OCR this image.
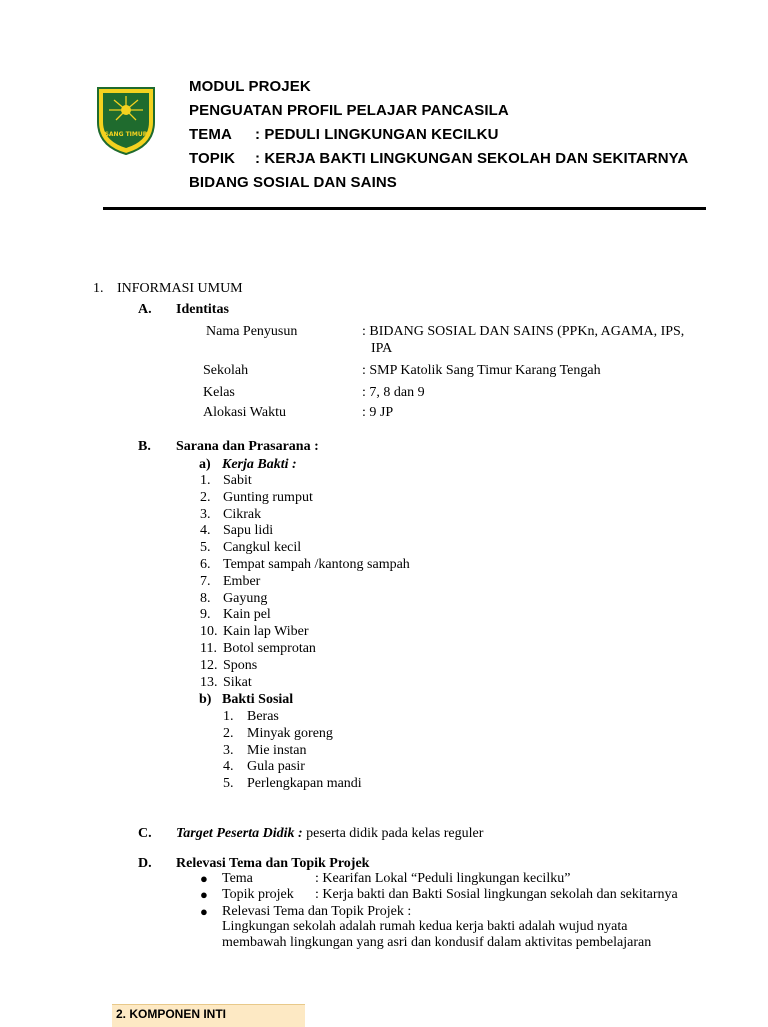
SANG TIMUR
MODUL PROJEK
PENGUATAN PROFIL PELAJAR PANCASILA
TEMA : PEDULI LINGKUNGAN KECILKU
TOPIK : KERJA BAKTI LINGKUNGAN SEKOLAH DAN SEKITARNYA
BIDANG SOSIAL DAN SAINS
1. INFORMASI UMUM
A. Identitas
Nama Penyusun	: BIDANG SOSIAL DAN SAINS (PPKn, AGAMA, IPS,
IPA
Sekolah	: SMP Katolik Sang Timur Karang Tengah
Kelas	: 7, 8 dan 9
Alokasi Waktu	: 9 JP
B. Sarana dan Prasarana :
a) Kerja Bakti :
1. Sabit
2. Gunting rumput
3. Cikrak
4. Sapu lidi
5. Cangkul kecil
6. Tempat sampah /kantong sampah
7. Ember
8. Gayung
9. Kain pel
10. Kain lap Wiber
11. Botol semprotan
12. Spons
13. Sikat
b) Bakti Sosial
1. Beras
2. Minyak goreng
3. Mie instan
4. Gula pasir
5. Perlengkapan mandi
C. Target Peserta Didik : peserta didik pada kelas reguler
D. Relevasi Tema dan Topik Projek
● Tema	: Kearifan Lokal “Peduli lingkungan kecilku”
● Topik projek : Kerja bakti dan Bakti Sosial lingkungan sekolah dan sekitarnya
● Relevasi Tema dan Topik Projek :
Lingkungan sekolah adalah rumah kedua kerja bakti adalah wujud nyata
membawah lingkungan yang asri dan kondusif dalam aktivitas pembelajaran
2. KOMPONEN INTI
